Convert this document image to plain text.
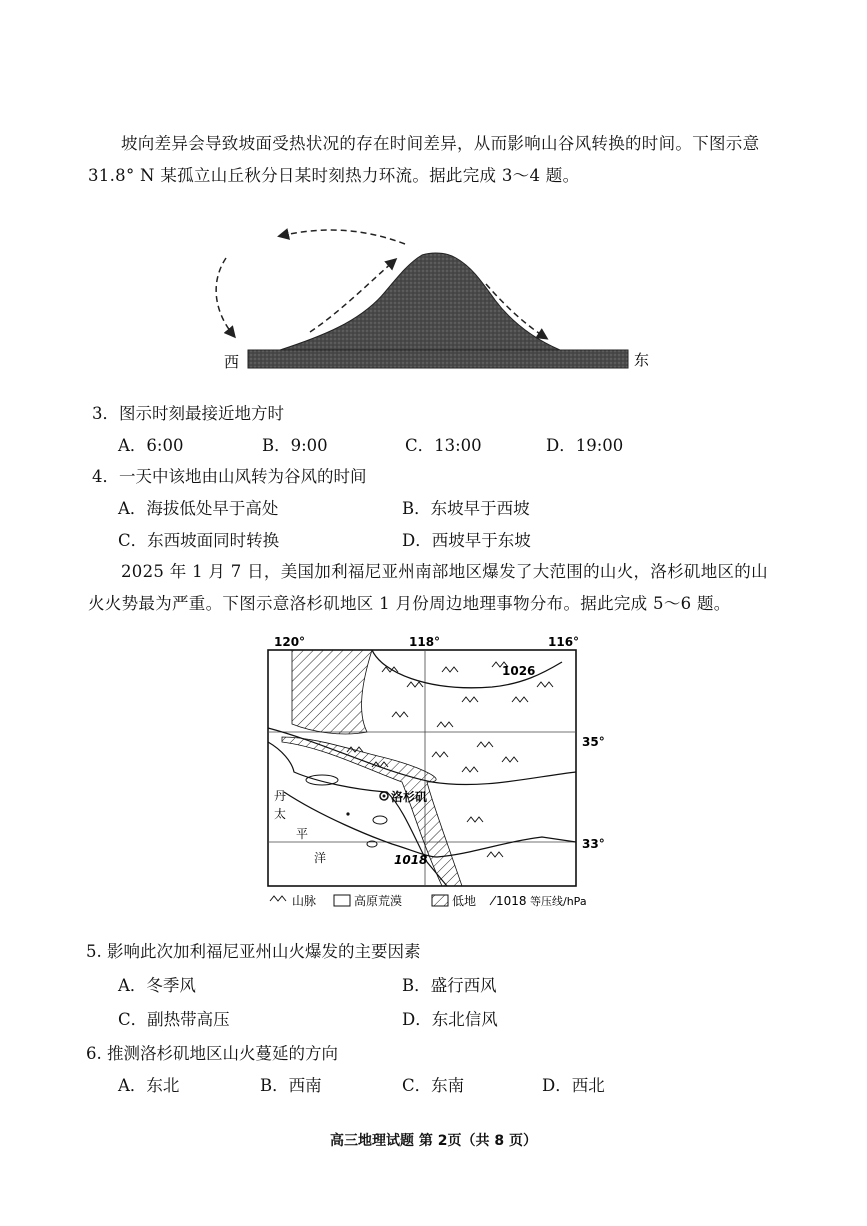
坡向差异会导致坡面受热状况的存在时间差异，从而影响山谷风转换的时间。下图示意 31.8° N 某孤立山丘秋分日某时刻热力环流。据此完成 3～4 题。
西	东
3．图示时刻最接近地方时
A．6:00	B．9:00	C．13:00	D．19:00
4．一天中该地由山风转为谷风的时间
A．海拔低处早于高处	B．东坡早于西坡
C．东西坡面同时转换	D．西坡早于东坡
2025 年 1 月 7 日，美国加利福尼亚州南部地区爆发了大范围的山火，洛杉矶地区的山火火势最为严重。下图示意洛杉矶地区 1 月份周边地理事物分布。据此完成 5～6 题。
120°	118°	116°
35°
33°
洛杉矶
1026
1018
丹
太
平
洋
山脉	高原荒漠	低地 1018 等压线/hPa
5. 影响此次加利福尼亚州山火爆发的主要因素
A．冬季风	B．盛行西风
C．副热带高压	D．东北信风
6. 推测洛杉矶地区山火蔓延的方向
A．东北	B．西南	C．东南	D．西北
高三地理试题 第 2页（共 8 页）
